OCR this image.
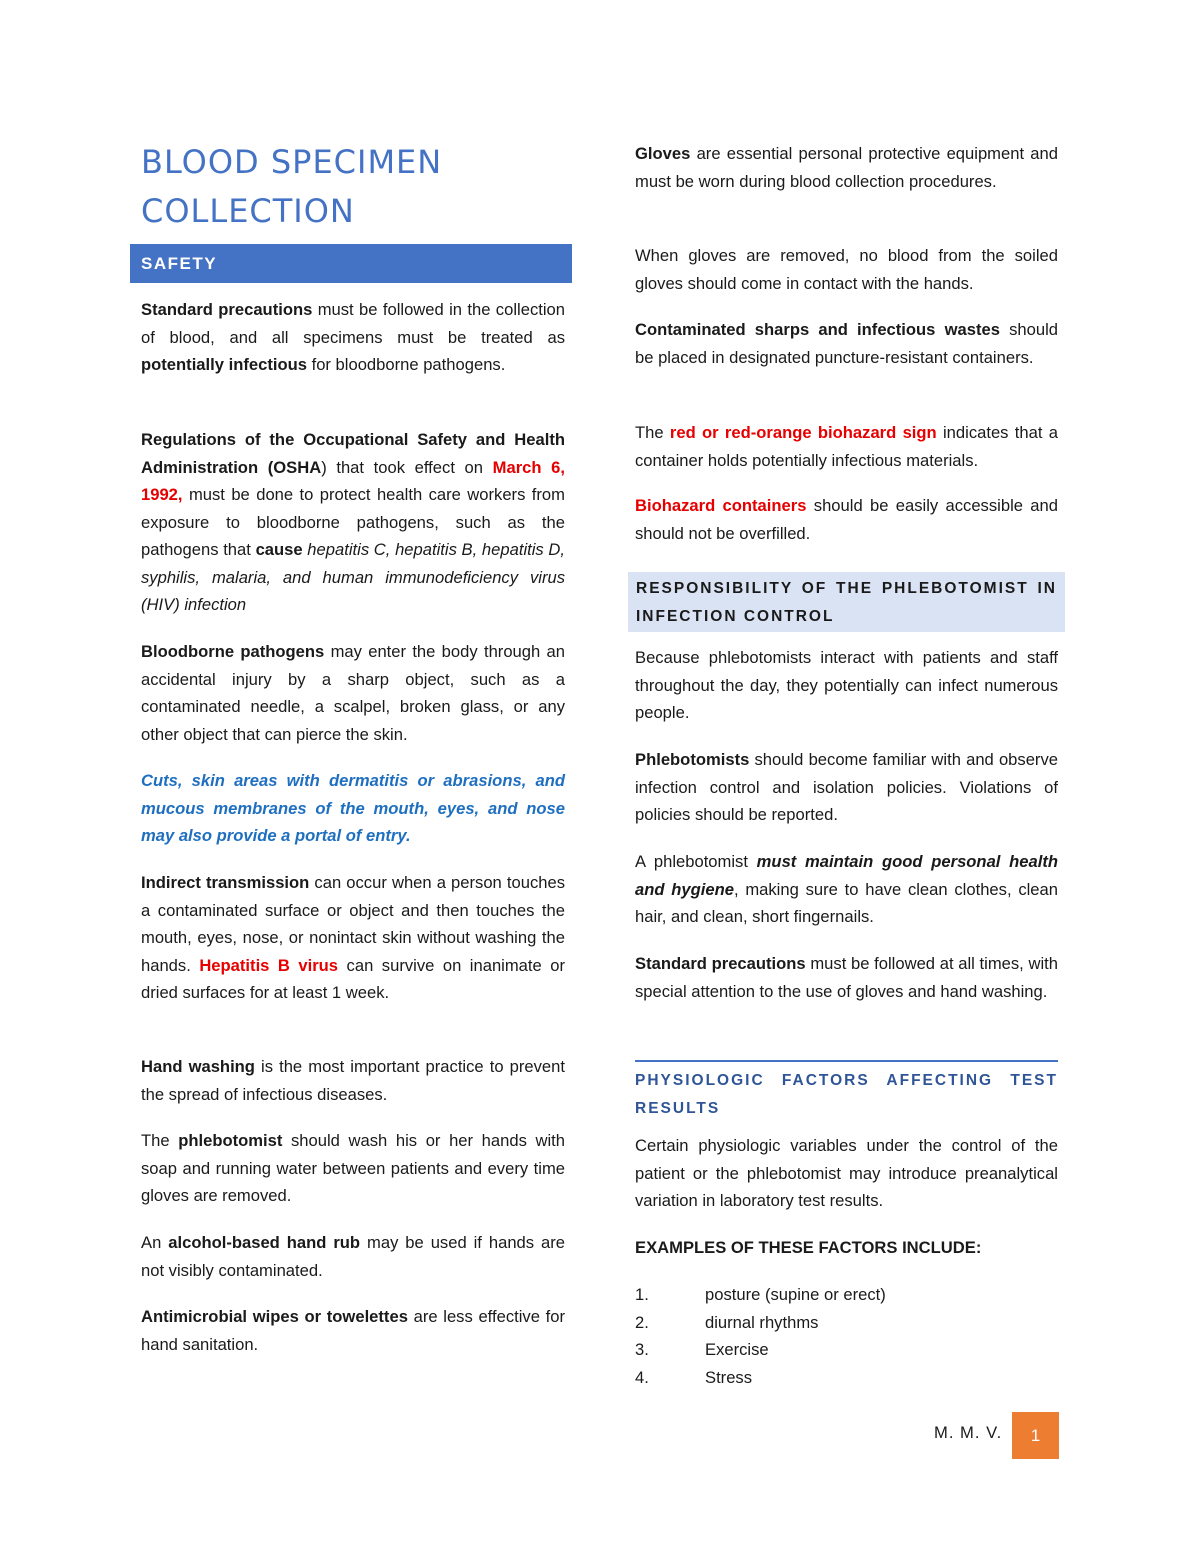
BLOOD SPECIMEN COLLECTION
SAFETY

Standard precautions must be followed in the collection of blood, and all specimens must be treated as potentially infectious for bloodborne pathogens.

Regulations of the Occupational Safety and Health Administration (OSHA) that took effect on March 6, 1992, must be done to protect health care workers from exposure to bloodborne pathogens, such as the pathogens that cause hepatitis C, hepatitis B, hepatitis D, syphilis, malaria, and human immunodeficiency virus (HIV) infection

Bloodborne pathogens may enter the body through an accidental injury by a sharp object, such as a contaminated needle, a scalpel, broken glass, or any other object that can pierce the skin.

Cuts, skin areas with dermatitis or abrasions, and mucous membranes of the mouth, eyes, and nose may also provide a portal of entry.

Indirect transmission can occur when a person touches a contaminated surface or object and then touches the mouth, eyes, nose, or nonintact skin without washing the hands. Hepatitis B virus can survive on inanimate or dried surfaces for at least 1 week.

Hand washing is the most important practice to prevent the spread of infectious diseases.

The phlebotomist should wash his or her hands with soap and running water between patients and every time gloves are removed.

An alcohol-based hand rub may be used if hands are not visibly contaminated.

Antimicrobial wipes or towelettes are less effective for hand sanitation.

Gloves are essential personal protective equipment and must be worn during blood collection procedures.

When gloves are removed, no blood from the soiled gloves should come in contact with the hands.

Contaminated sharps and infectious wastes should be placed in designated puncture-resistant containers.

The red or red-orange biohazard sign indicates that a container holds potentially infectious materials.

Biohazard containers should be easily accessible and should not be overfilled.

RESPONSIBILITY OF THE PHLEBOTOMIST IN INFECTION CONTROL

Because phlebotomists interact with patients and staff throughout the day, they potentially can infect numerous people.

Phlebotomists should become familiar with and observe infection control and isolation policies. Violations of policies should be reported.

A phlebotomist must maintain good personal health and hygiene, making sure to have clean clothes, clean hair, and clean, short fingernails.

Standard precautions must be followed at all times, with special attention to the use of gloves and hand washing.

PHYSIOLOGIC FACTORS AFFECTING TEST RESULTS

Certain physiologic variables under the control of the patient or the phlebotomist may introduce preanalytical variation in laboratory test results.

EXAMPLES OF THESE FACTORS INCLUDE:

1.	posture (supine or erect)
2.	diurnal rhythms
3.	Exercise
4.	Stress
M. M. V.	1
